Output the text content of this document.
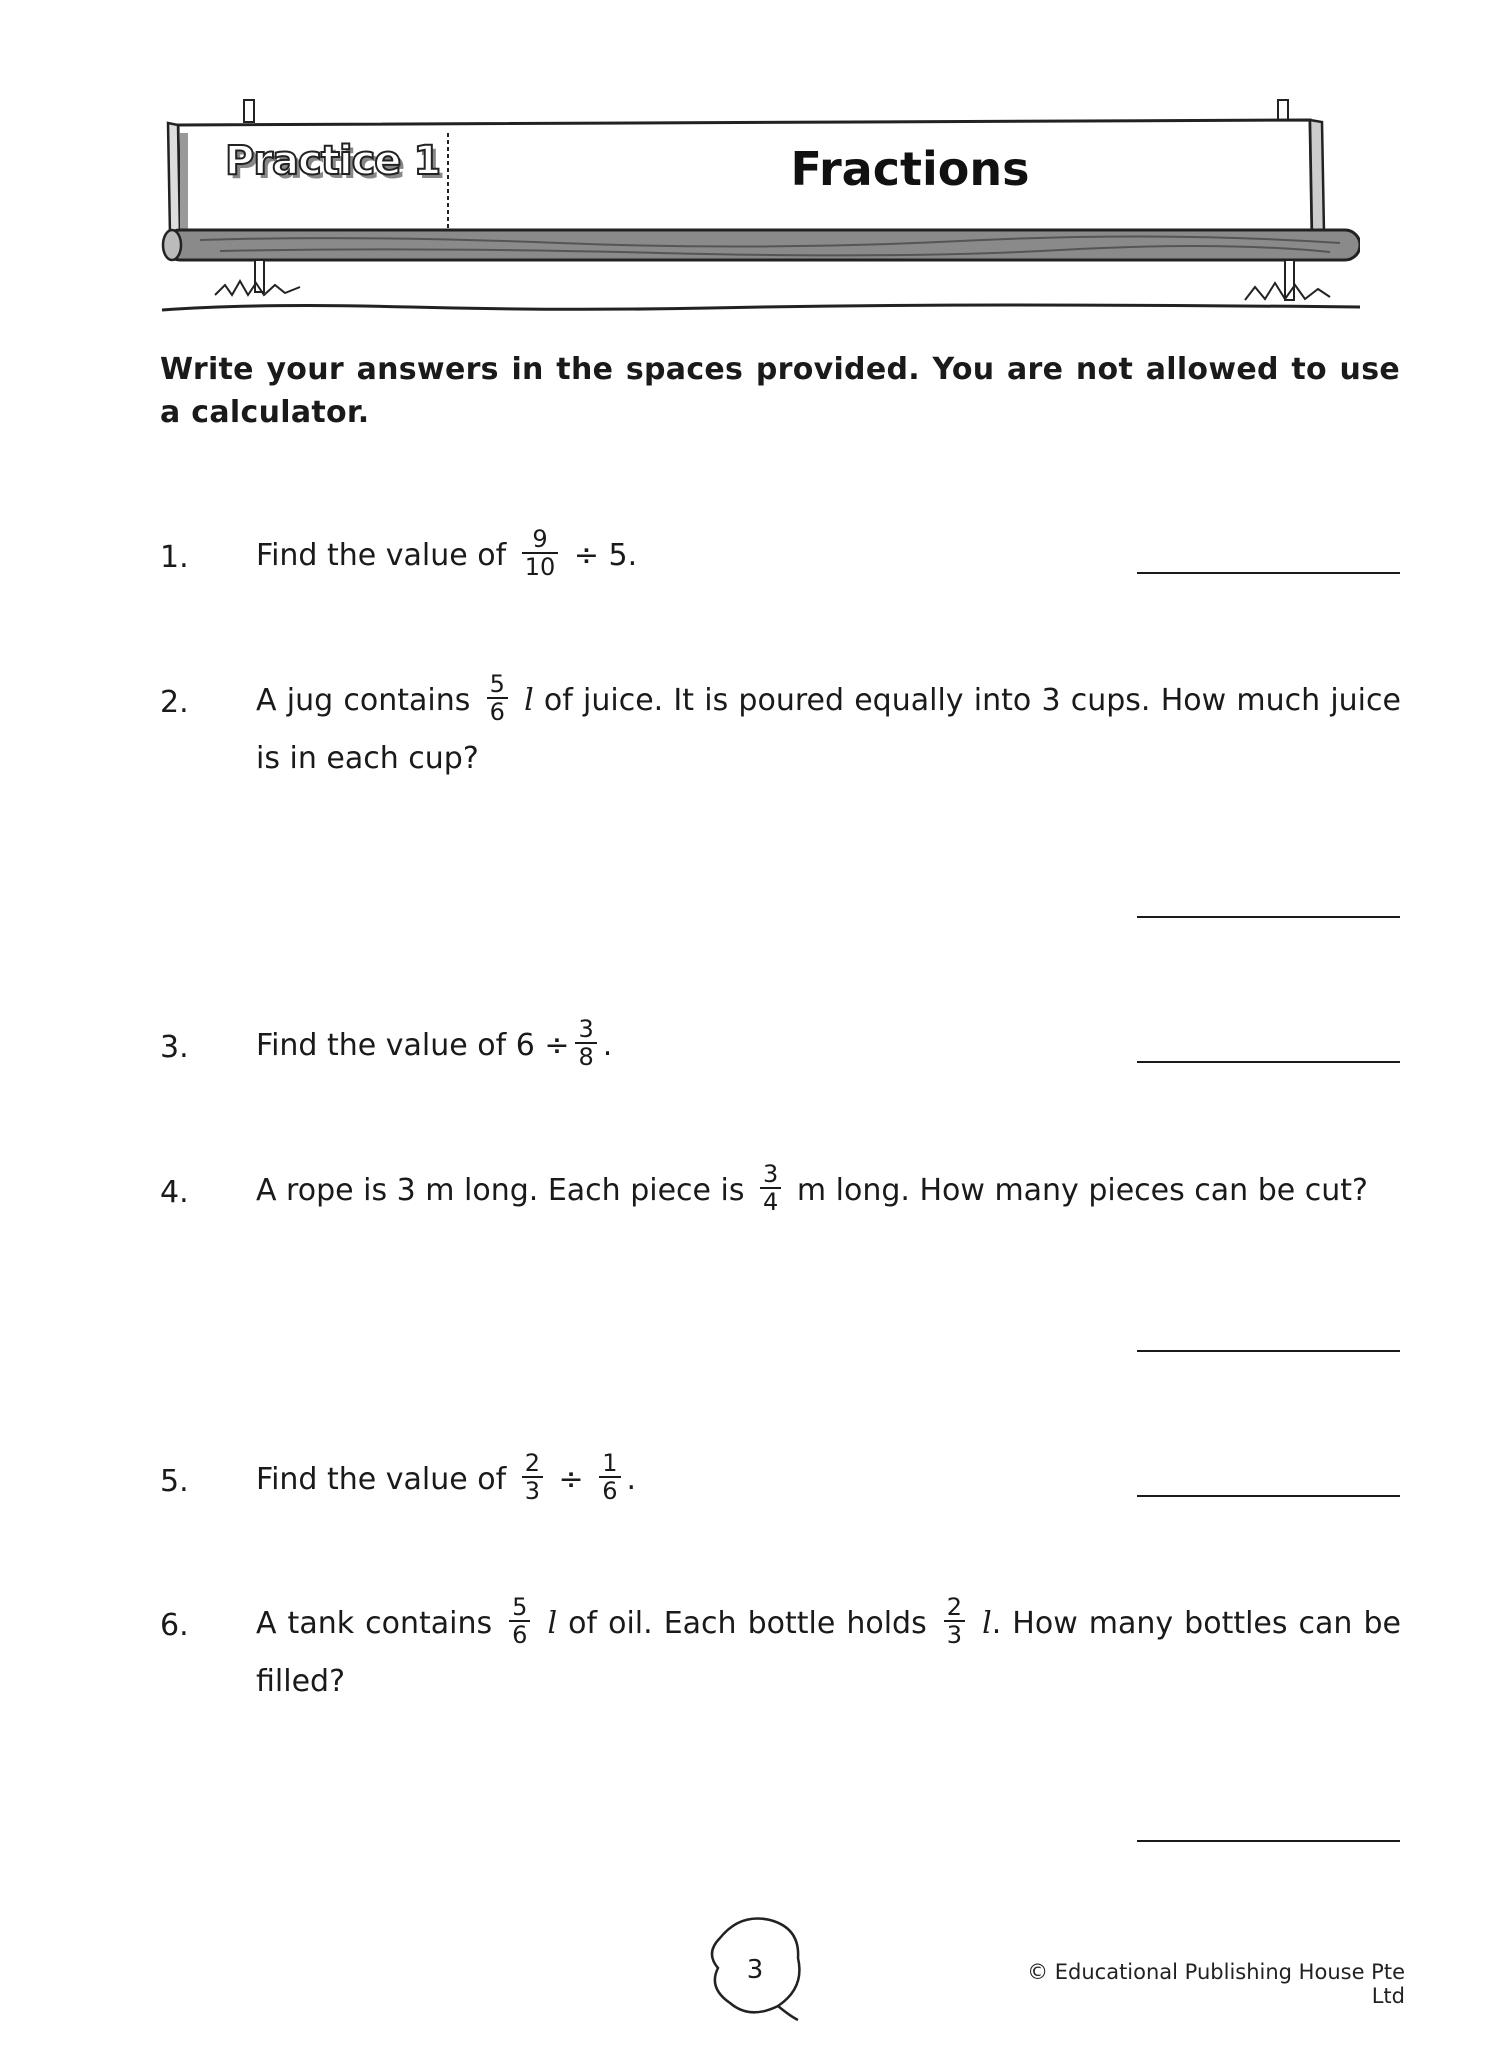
Practice 1	Fractions
Write your answers in the spaces provided. You are not allowed to use a calculator.
1. Find the value of $\frac{9}{10} \div 5$.
2. A jug contains $\frac{5}{6}$ l of juice. It is poured equally into 3 cups. How much juice is in each cup?
3. Find the value of $6 \div \frac{3}{8}$ .
4. A rope is 3 m long. Each piece is $\frac{3}{4}$ m long. How many pieces can be cut?
5. Find the value of $\frac{2}{3} \div \frac{1}{6}$ .
6. A tank contains $\frac{5}{6}$ l of oil. Each bottle holds $\frac{2}{3} l$. How many bottles can be filled?
3	© Educational Publishing House Pte Ltd
